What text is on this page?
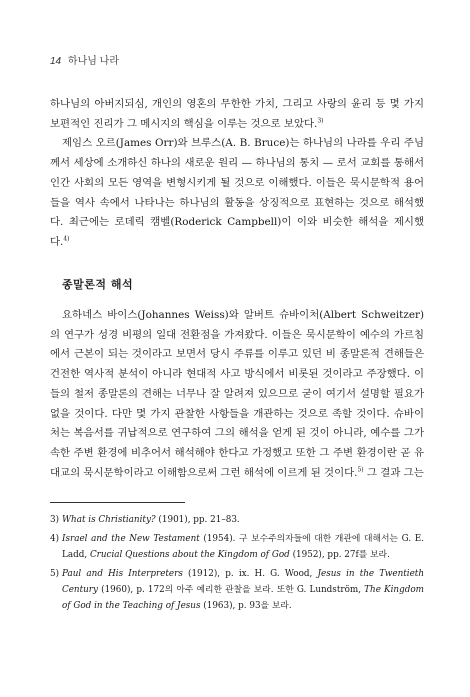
14 하나님 나라

하나님의 아버지되심, 개인의 영혼의 무한한 가치, 그리고 사랑의 윤리 등 몇 가지 보편적인 진리가 그 메시지의 핵심을 이루는 것으로 보았다.$^{3)}$

제임스 오르(James Orr)와 브루스(A. B. Bruce)는 하나님의 나라를 우리 주님께서 세상에 소개하신 하나의 새로운 원리 — 하나님의 통치 — 로서 교회를 통해서 인간 사회의 모든 영역을 변형시키게 될 것으로 이해했다. 이들은 묵시문학적 용어들을 역사 속에서 나타나는 하나님의 활동을 상징적으로 표현하는 것으로 해석했다. 최근에는 로데릭 캠벨(Roderick Campbell)이 이와 비슷한 해석을 제시했다.$^{4)}$

종말론적 해석

요하네스 바이스(Johannes Weiss)와 알버트 슈바이처(Albert Schweitzer)의 연구가 성경 비평의 일대 전환점을 가져왔다. 이들은 묵시문학이 예수의 가르침에서 근본이 되는 것이라고 보면서 당시 주류를 이루고 있던 비 종말론적 견해들은 건전한 역사적 분석이 아니라 현대적 사고 방식에서 비롯된 것이라고 주장했다. 이들의 철저 종말론의 견해는 너무나 잘 알려져 있으므로 굳이 여기서 설명할 필요가 없을 것이다. 다만 몇 가지 관찰한 사항들을 개관하는 것으로 족할 것이다. 슈바이처는 복음서를 귀납적으로 연구하여 그의 해석을 얻게 된 것이 아니라, 예수를 그가 속한 주변 환경에 비추어서 해석해야 한다고 가정했고 또한 그 주변 환경이란 곧 유대교의 묵시문학이라고 이해함으로써 그런 해석에 이르게 된 것이다.$^{5)}$ 그 결과 그는

3) What is Christianity? (1901), pp. 21–83.
4) Israel and the New Testament (1954). 구 보수주의자들에 대한 개관에 대해서는 G. E. Ladd, Crucial Questions about the Kingdom of God (1952), pp. 27f를 보라.
5) Paul and His Interpreters (1912), p. ix. H. G. Wood, Jesus in the Twentieth Century (1960), p. 172의 아주 예리한 관찰을 보라. 또한 G. Lundström, The Kingdom of God in the Teaching of Jesus (1963), p. 93을 보라.
